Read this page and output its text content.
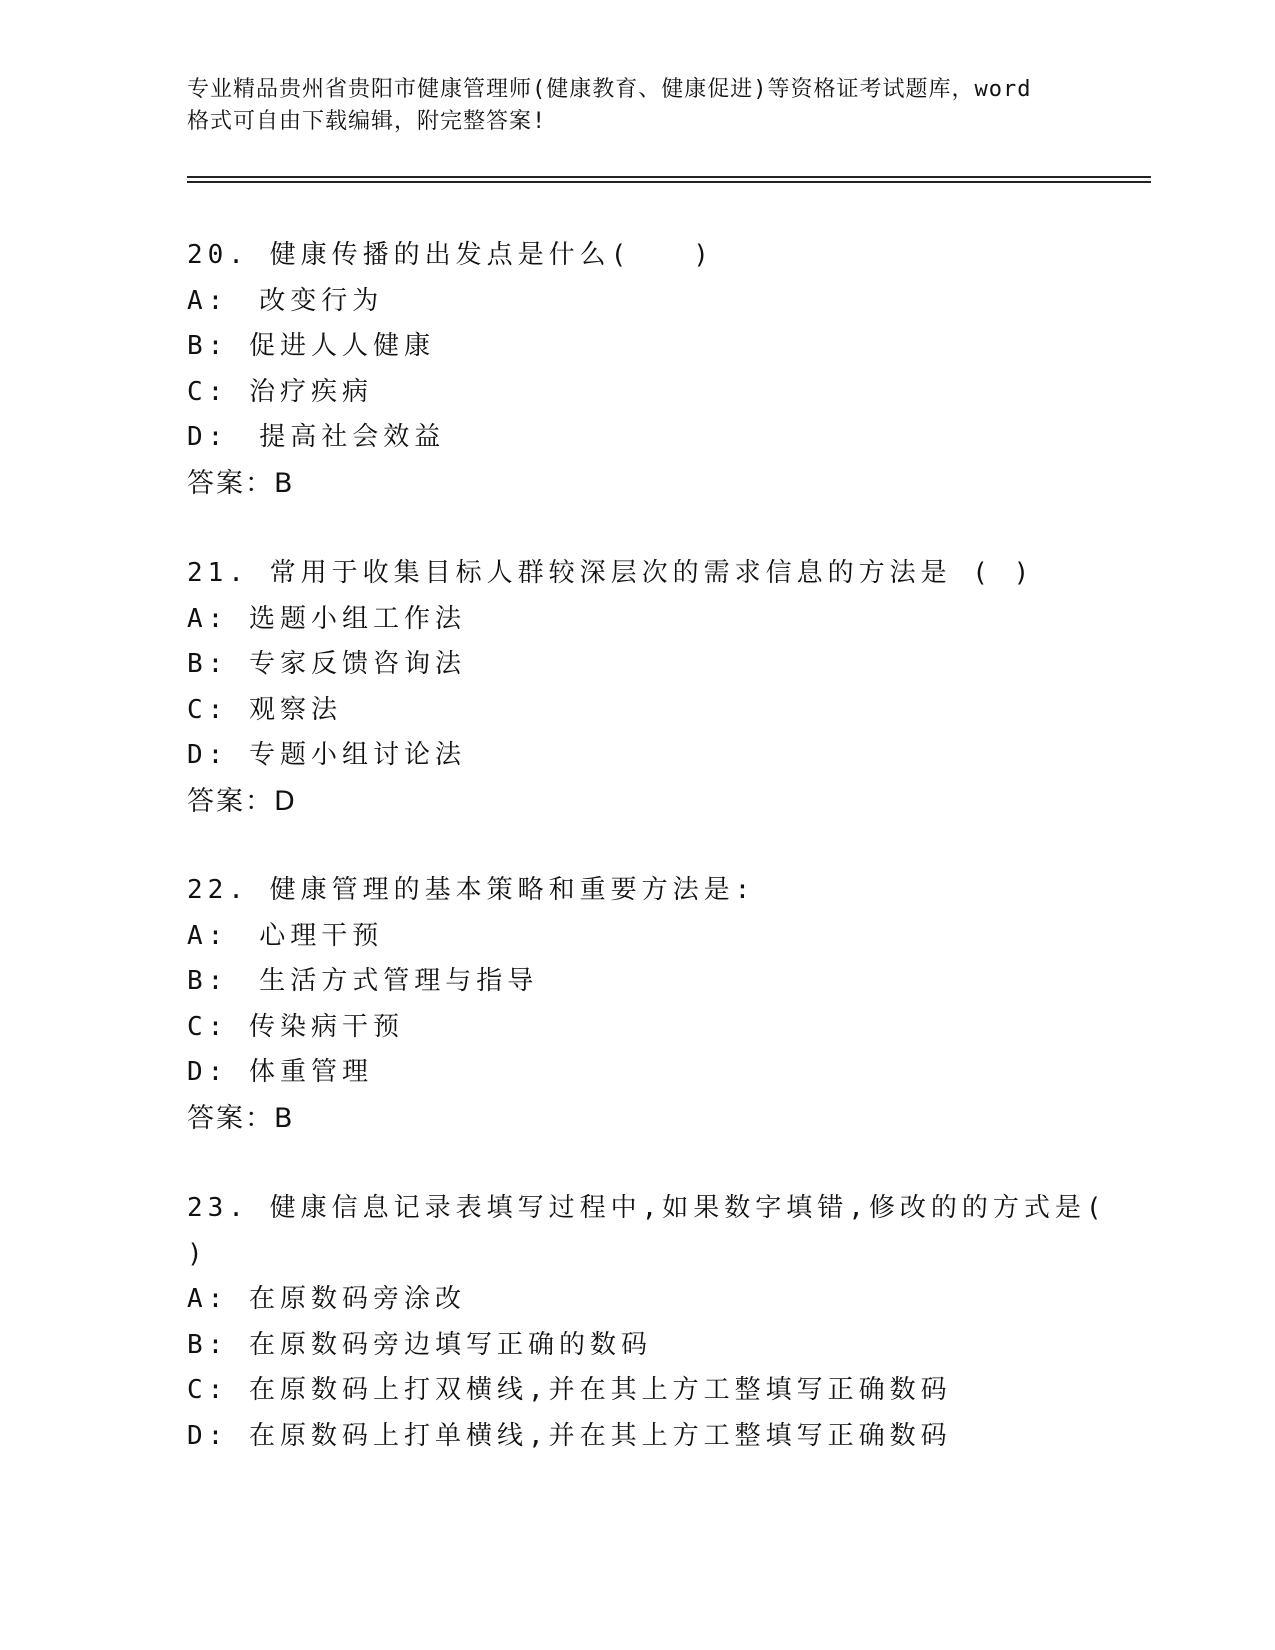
专业精品贵州省贵阳市健康管理师(健康教育、健康促进)等资格证考试题库，word
格式可自由下载编辑，附完整答案!
20. 健康传播的出发点是什么(　　)
A:　改变行为
B: 促进人人健康
C: 治疗疾病
D:　提高社会效益
答案：B
21. 常用于收集目标人群较深层次的需求信息的方法是 ( )
A: 选题小组工作法
B: 专家反馈咨询法
C: 观察法
D: 专题小组讨论法
答案：D
22. 健康管理的基本策略和重要方法是:
A:　心理干预
B:　生活方式管理与指导
C: 传染病干预
D: 体重管理
答案：B
23. 健康信息记录表填写过程中,如果数字填错,修改的的方式是(
)
A: 在原数码旁涂改
B: 在原数码旁边填写正确的数码
C: 在原数码上打双横线,并在其上方工整填写正确数码
D: 在原数码上打单横线,并在其上方工整填写正确数码
